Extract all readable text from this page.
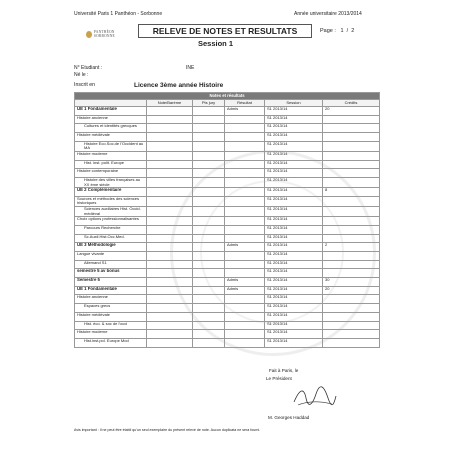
Université Paris 1 Panthéon - Sorbonne	Année universitaire 2013/2014
PANTHÉON SORBONNE	RELEVE DE NOTES ET RESULTATS	Page : 1 / 2
Session 1
N° Etudiant :	INE
Né le :
Inscrit en	Licence 3ème année Histoire
Notes et résultats					
	Note/Barème	Pts jury	Résultat	Session	Crédits
UE 1 Fondamentale			Admis	S1 2013/14	20
Histoire ancienne				S1 2013/14	
Cultures et identités grecques				S1 2013/14	
Histoire médiévale				S1 2013/14	
Histoire Eco.Soc.de l'Occident au MA				S1 2013/14	
Histoire moderne				S1 2013/14	
Hist. inst. polit. Europe				S1 2013/14	
Histoire contemporaine				S1 2013/14	
Histoire des villes françaises au XX ème siècle				S1 2013/14	
UE 2 Complémentaire				S1 2013/14	8
Sources et méthodes des sciences historiques				S1 2013/14	
Sciences auxiliaires Hist. Occid. médiéval				S1 2013/14	
Choix options professionnalisantes				S1 2013/14	
Parcours Recherche				S1 2013/14	
Sc.Auxil.Hist.Occ.Med.				S1 2013/14	
UE 3 Méthodologie			Admis	S1 2013/14	2
Langue vivante				S1 2013/14	
Allemand S1				S1 2013/14	
semestre 5 av bonus				S1 2013/14	
Semestre 5			Admis	S1 2013/14	30
UE 1 Fondamentale			Admis	S1 2013/14	20
Histoire ancienne				S1 2013/14	
Espaces grecs				S1 2013/14	
Histoire médiévale				S1 2013/14	
Hist. éco. & soc de l'occi				S1 2013/14	
Histoire moderne				S1 2013/14	
Hist.inst.pol. Europe Mod				S1 2013/14	
Fait à Paris, le
Le Président
M. Georges Haddad
Avis important : Il ne peut être établi qu'un seul exemplaire du présent relevé de note. Aucun duplicata ne sera fourni.
